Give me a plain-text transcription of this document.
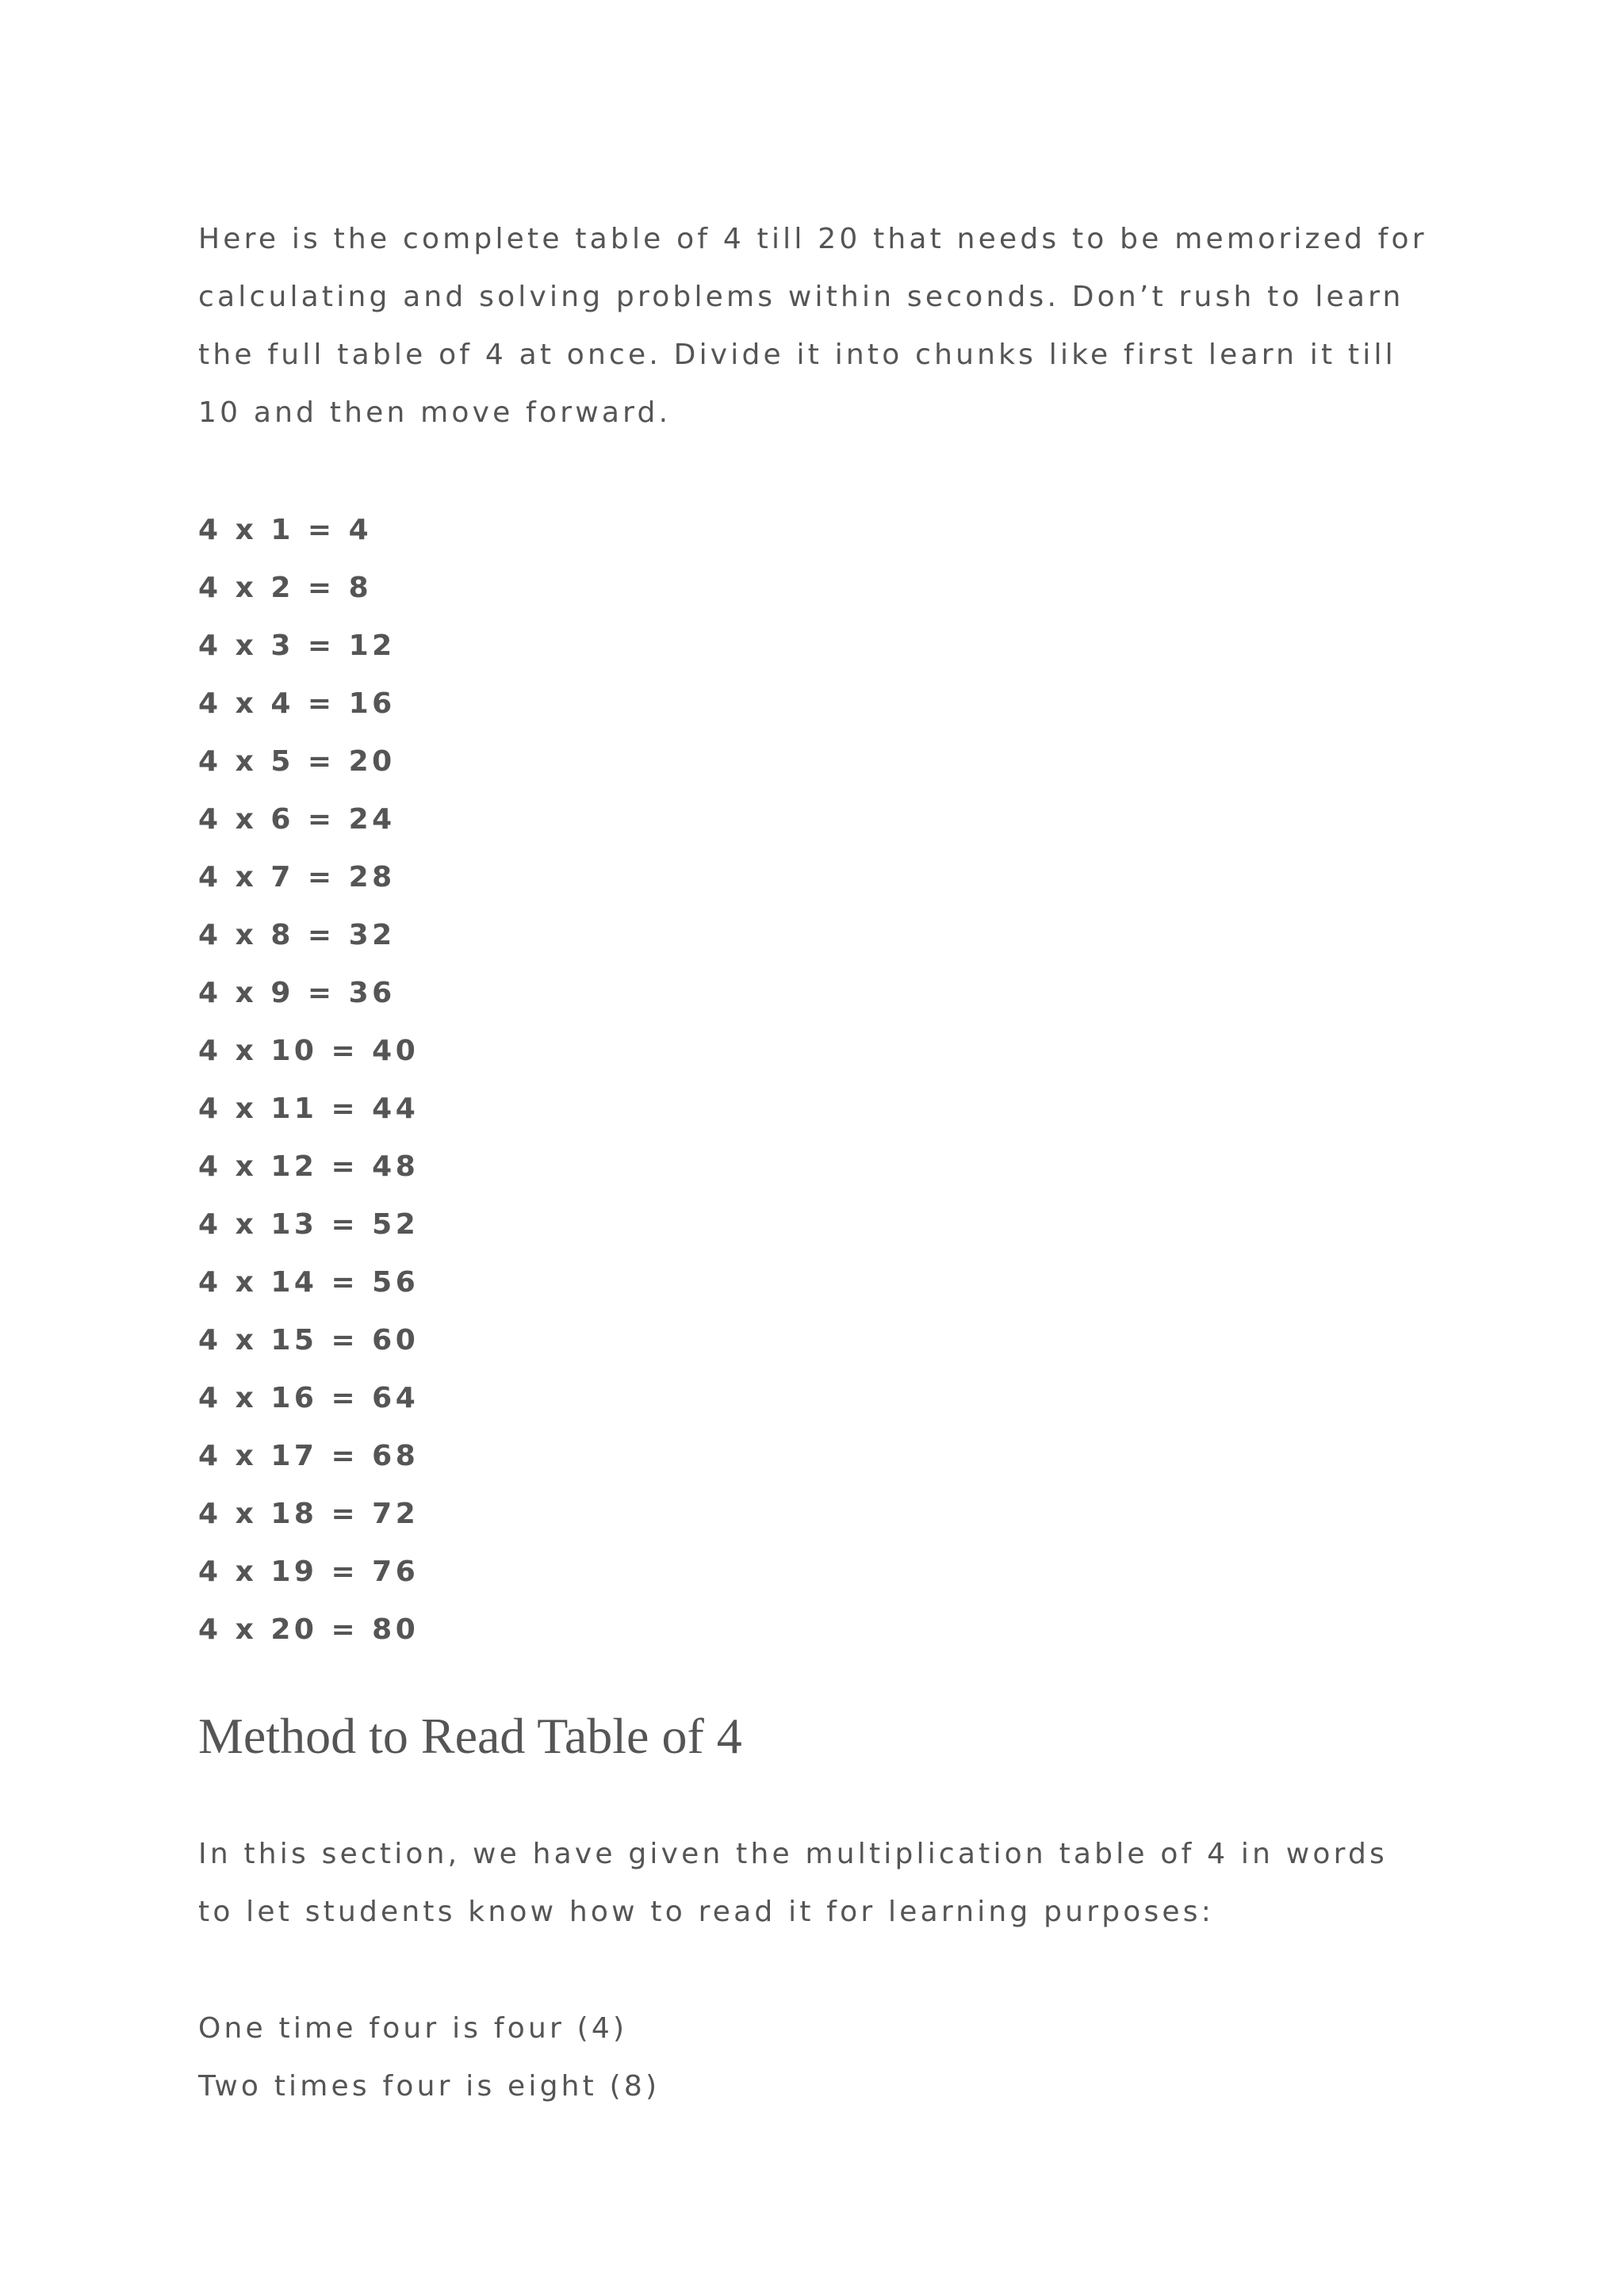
Here is the complete table of 4 till 20 that needs to be memorized for calculating and solving problems within seconds. Don’t rush to learn the full table of 4 at once. Divide it into chunks like first learn it till 10 and then move forward.

4 x 1 = 4
4 x 2 = 8
4 x 3 = 12
4 x 4 = 16
4 x 5 = 20
4 x 6 = 24
4 x 7 = 28
4 x 8 = 32
4 x 9 = 36
4 x 10 = 40
4 x 11 = 44
4 x 12 = 48
4 x 13 = 52
4 x 14 = 56
4 x 15 = 60
4 x 16 = 64
4 x 17 = 68
4 x 18 = 72
4 x 19 = 76
4 x 20 = 80
Method to Read Table of 4

In this section, we have given the multiplication table of 4 in words to let students know how to read it for learning purposes:

One time four is four (4)
Two times four is eight (8)
